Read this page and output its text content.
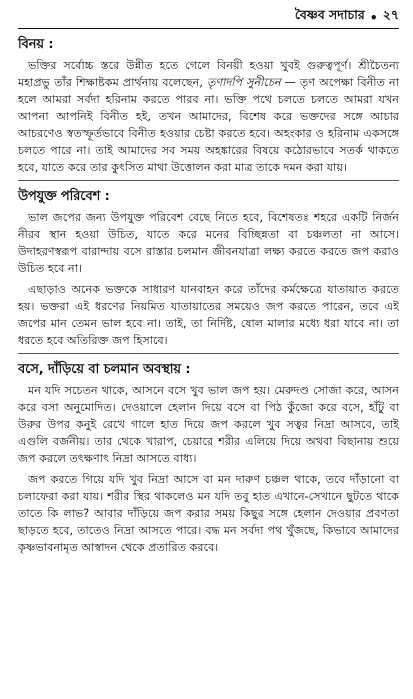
বৈষ্ণব সদাচার • ২৭
বিনয় :

ভক্তির সর্বোচ্চ স্তরে উন্নীত হতে গেলে বিনয়ী হওয়া খুবই গুরুত্বপূর্ণ। শ্রীচৈতন্য মহাপ্রভু তাঁর শিক্ষাষ্টকম প্রার্থনায় বলেছেন, তৃণাদপি সুনীচেন — তৃণ অপেক্ষা বিনীত না হলে আমরা সর্বদা হরিনাম করতে পারব না। ভক্তি পথে চলতে চলতে আমরা যখন আপনা আপনিই বিনীত হই, তখন আমাদের, বিশেষ করে ভক্তদের সঙ্গে আচার আচরণেও স্বতস্ফূর্তভাবে বিনীত হওয়ার চেষ্টা করতে হবে। অহংকার ও হরিনাম একসঙ্গে চলতে পারে না। তাই আমাদের সব সময় অহঙ্কারের বিষয়ে কঠোরভাবে সতর্ক থাকতে হবে, যাতে করে তার কুৎসিত মাথা উত্তোলন করা মাত্র তাকে দমন করা যায়।

উপযুক্ত পরিবেশ :

ভাল জপের জন্য উপযুক্ত পরিবেশ বেছে নিতে হবে, বিশেষতঃ শহরে একটি নির্জন নীরব স্থান হওয়া উচিত, যাতে করে মনের বিচ্ছিন্নতা বা চঞ্চলতা না আসে। উদাহরণস্বরূপ বারান্দায় বসে রাস্তার চলমান জীবনযাত্রা লক্ষ্য করতে করতে জপ করাও উচিত হবে না।

এছাড়াও অনেক ভক্তকে সাধারণ যানবাহন করে তাঁদের কর্মক্ষেত্রে যাতায়াত করতে হয়। ভক্তরা এই ধরণের নিয়মিত যাতায়াতের সময়েও জপ করতে পারেন, তবে এই জপের মান তেমন ভাল হবে না। তাই, তা নির্দিষ্ট, ষোল মালার মধ্যে ধরা যাবে না। তা ধরতে হবে অতিরিক্ত জপ হিসাবে।

বসে, দাঁড়িয়ে বা চলমান অবস্থায় :

মন যদি সচেতন থাকে, আসনে বসে খুব ভাল জপ হয়। মেরুদণ্ড সোজা করে, আসন করে বসা অনুমোদিত। দেওয়ালে হেলান দিয়ে বসে বা পিঠ কুঁজো করে বসে, হাঁটু বা উরুর উপর কনুই রেখে গালে হাত দিয়ে জপ করলে খুব সত্বর নিদ্রা আসবে, তাই এগুলি বর্জনীয়। তার থেকে খারাপ, চেয়ারে শরীর এলিয়ে দিয়ে অথবা বিছানায় শুয়ে জপ করলে তৎক্ষণাৎ নিদ্রা আসতে বাধ্য।

জপ করতে গিয়ে যদি খুব নিদ্রা আসে বা মন দারুণ চঞ্চল থাকে, তবে দাঁড়ানো বা চলাফেরা করা যায়। শরীর স্থির থাকলেও মন যদি তবু হাত এখানে-সেখানে ছুটতে থাকে তাতে কি লাভ? আবার দাঁড়িয়ে জপ করার সময় কিছুর সঙ্গে হেলান দেওয়ার প্রবণতা ছাড়তে হবে, তাতেও নিদ্রা আসতে পারে। বদ্ধ মন সর্বদা পথ খুঁজছে, কিভাবে আমাদের কৃষ্ণভাবনামৃত আস্বাদন থেকে প্রতারিত করবে।
